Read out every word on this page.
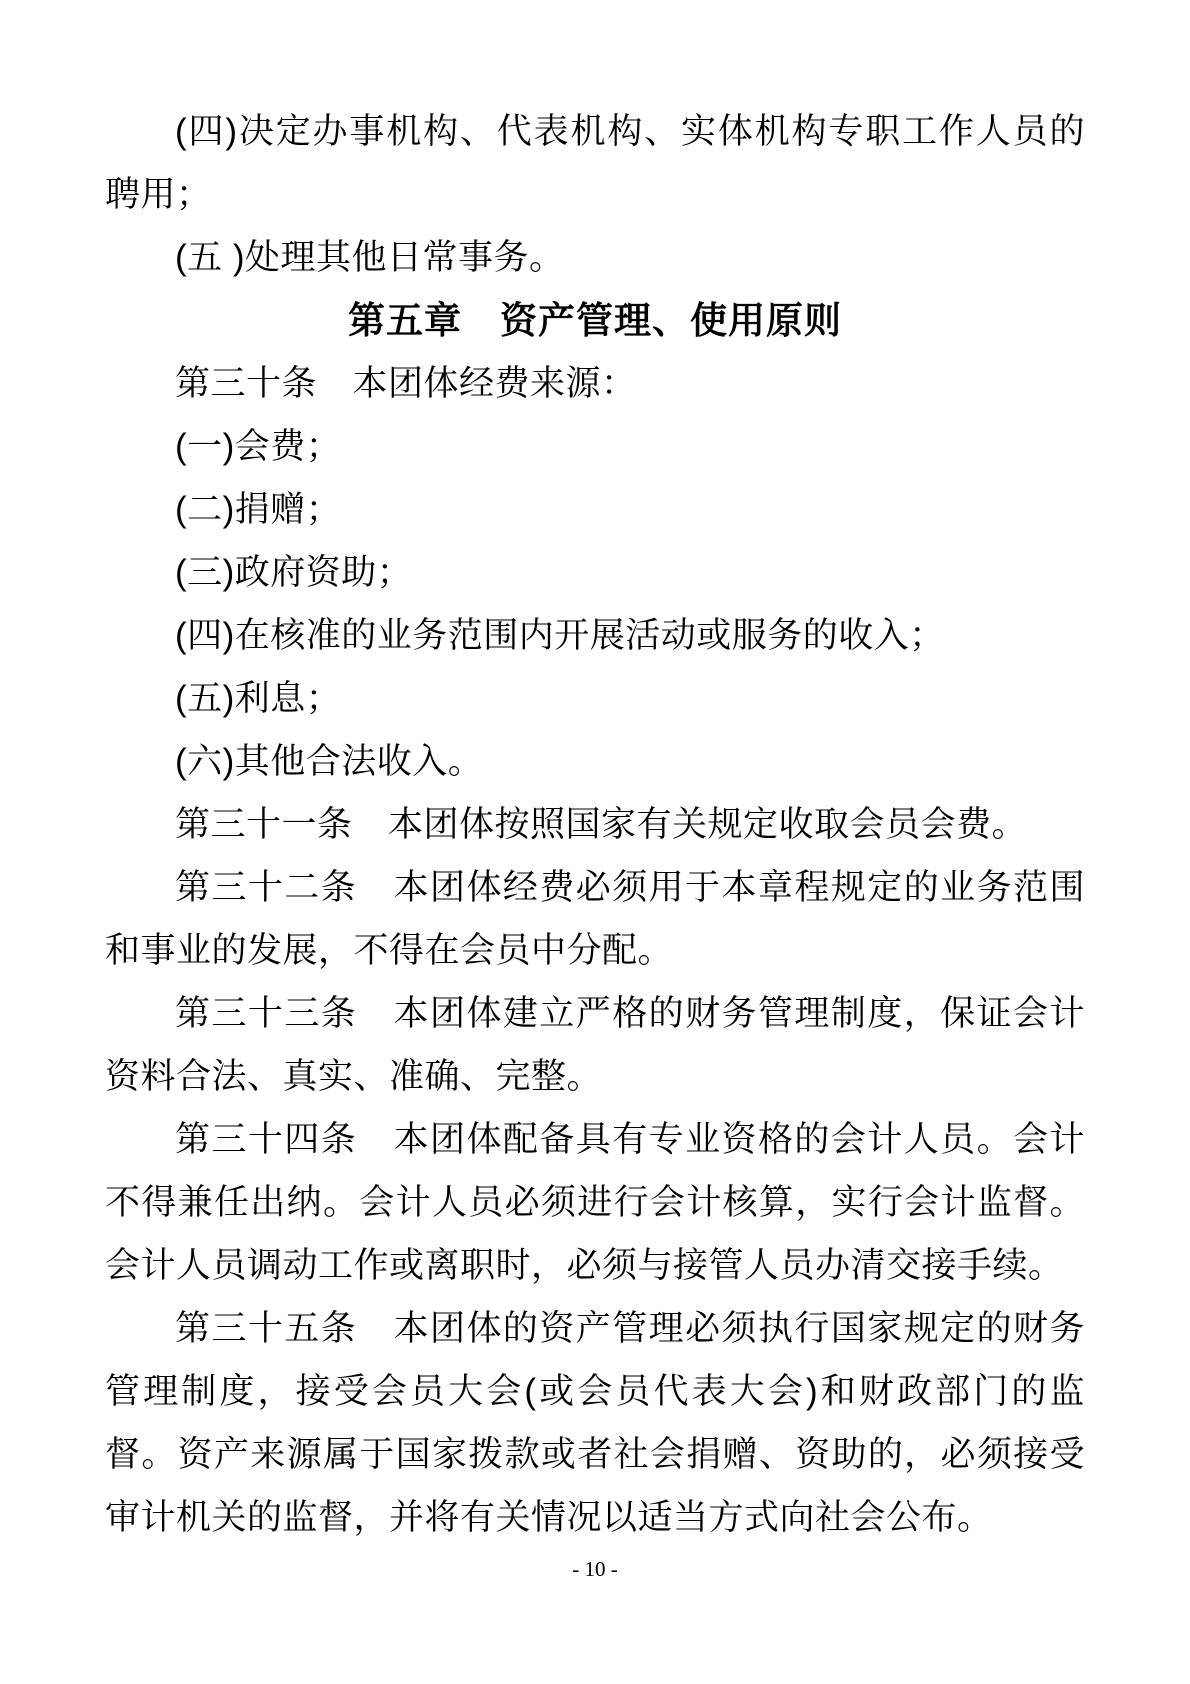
(四)决定办事机构、代表机构、实体机构专职工作人员的聘用；

(五 )处理其他日常事务。

第五章　资产管理、使用原则

第三十条　本团体经费来源：

(一)会费；

(二)捐赠；

(三)政府资助；

(四)在核准的业务范围内开展活动或服务的收入；

(五)利息；

(六)其他合法收入。

第三十一条　本团体按照国家有关规定收取会员会费。

第三十二条　本团体经费必须用于本章程规定的业务范围和事业的发展，不得在会员中分配。

第三十三条　本团体建立严格的财务管理制度，保证会计资料合法、真实、准确、完整。

第三十四条　本团体配备具有专业资格的会计人员。会计不得兼任出纳。会计人员必须进行会计核算，实行会计监督。会计人员调动工作或离职时，必须与接管人员办清交接手续。

第三十五条　本团体的资产管理必须执行国家规定的财务管理制度，接受会员大会(或会员代表大会)和财政部门的监督。资产来源属于国家拨款或者社会捐赠、资助的，必须接受审计机关的监督，并将有关情况以适当方式向社会公布。

- 10 -
